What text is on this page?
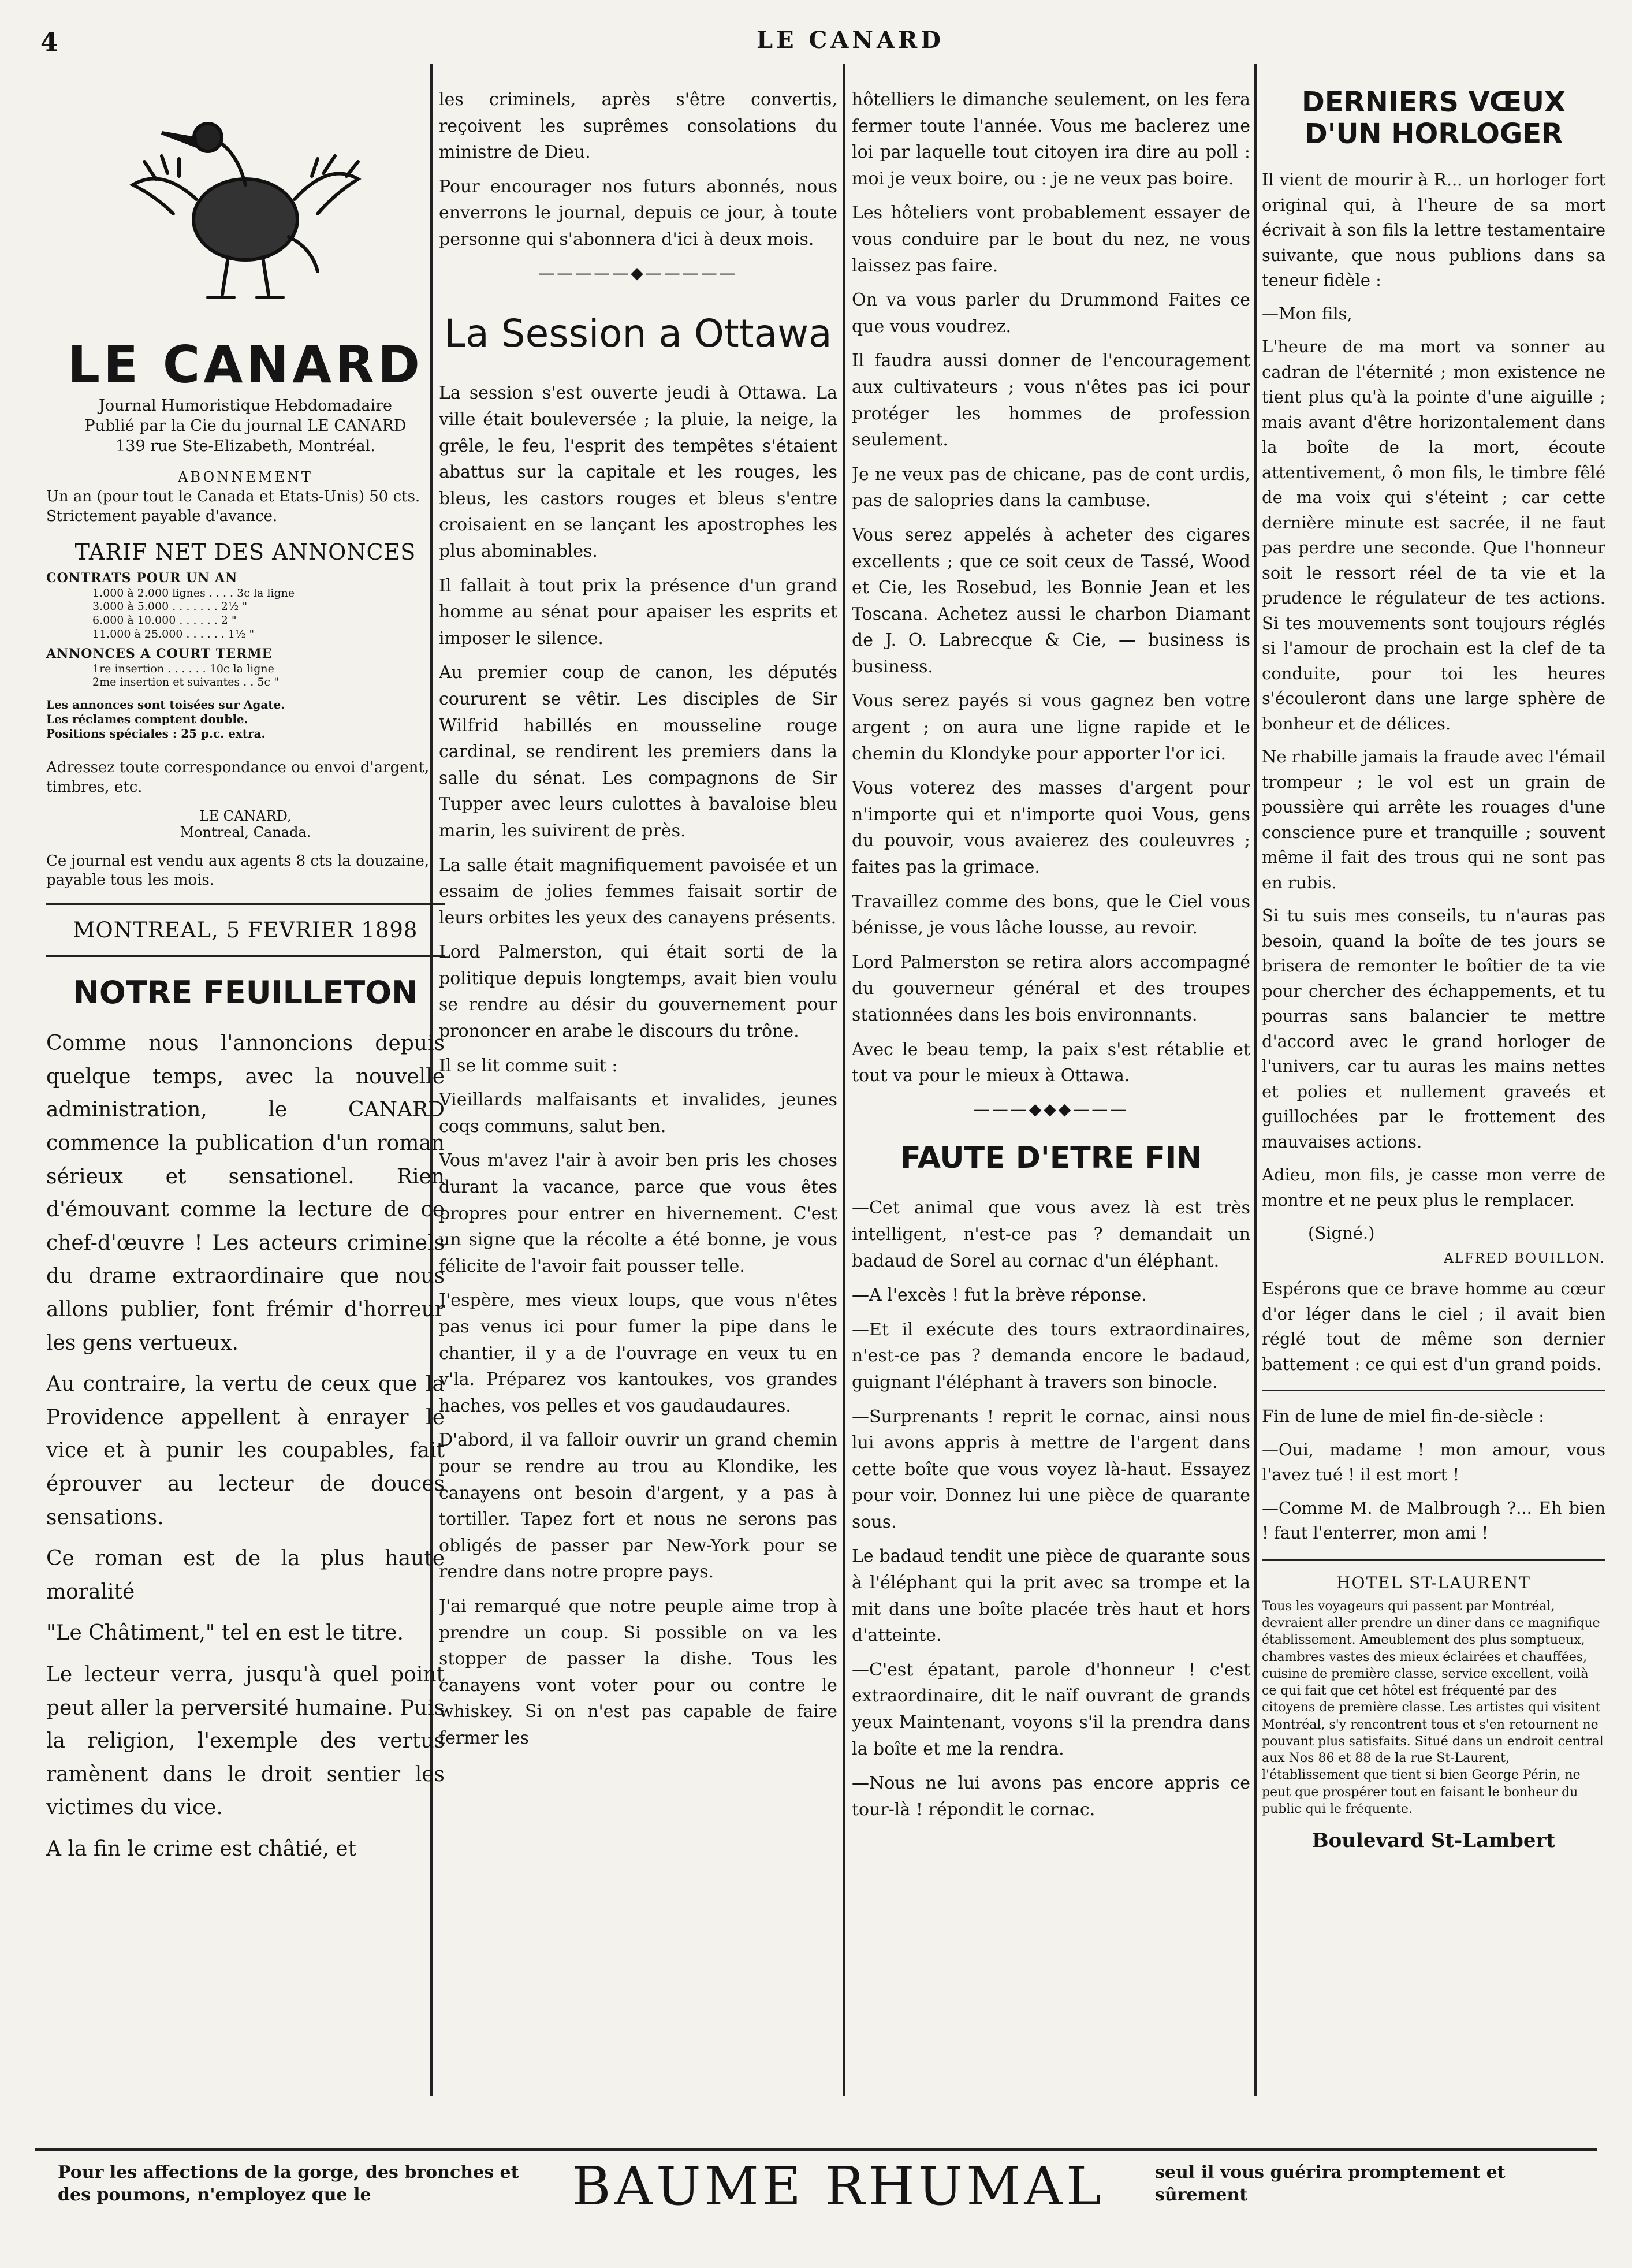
4	LE CANARD
LE CANARD
Journal Humoristique Hebdomadaire
Publié par la Cie du journal LE CANARD
139 rue Ste-Elizabeth, Montréal.
ABONNEMENT
Un an (pour tout le Canada et Etats-Unis) 50 cts. Strictement payable d'avance.
TARIF NET DES ANNONCES
CONTRATS POUR UN AN
1.000 à 2.000 lignes . . . . 3c la ligne
3.000 à 5.000 . . . . . . . 2½ "
6.000 à 10.000 . . . . . . 2 "
11.000 à 25.000 . . . . . . 1½ "
ANNONCES A COURT TERME
1re insertion . . . . . . 10c la ligne
2me insertion et suivantes . . 5c "
Les annonces sont toisées sur Agate.
Les réclames comptent double.
Positions spéciales : 25 p.c. extra.
Adressez toute correspondance ou envoi d'argent, timbres, etc.
LE CANARD,
Montreal, Canada.
Ce journal est vendu aux agents 8 cts la douzaine, payable tous les mois.
MONTREAL, 5 FEVRIER 1898
NOTRE FEUILLETON

Comme nous l'annoncions depuis quelque temps, avec la nouvelle administration, le CANARD commence la publication d'un roman sérieux et sensationel. Rien d'émouvant comme la lecture de ce chef-d'œuvre ! Les acteurs criminels du drame extraordinaire que nous allons publier, font frémir d'horreur les gens vertueux.

Au contraire, la vertu de ceux que la Providence appellent à enrayer le vice et à punir les coupables, fait éprouver au lecteur de douces sensations.

Ce roman est de la plus haute moralité

"Le Châtiment," tel en est le titre.

Le lecteur verra, jusqu'à quel point peut aller la perversité humaine. Puis la religion, l'exemple des vertus ramènent dans le droit sentier les victimes du vice.

A la fin le crime est châtié, et

les criminels, après s'être convertis, reçoivent les suprêmes consolations du ministre de Dieu.

Pour encourager nos futurs abonnés, nous enverrons le journal, depuis ce jour, à toute personne qui s'abonnera d'ici à deux mois.

—————◆—————
La Session a Ottawa

La session s'est ouverte jeudi à Ottawa. La ville était bouleversée ; la pluie, la neige, la grêle, le feu, l'esprit des tempêtes s'étaient abattus sur la capitale et les rouges, les bleus, les castors rouges et bleus s'entre croisaient en se lançant les apostrophes les plus abominables.

Il fallait à tout prix la présence d'un grand homme au sénat pour apaiser les esprits et imposer le silence.

Au premier coup de canon, les députés coururent se vêtir. Les disciples de Sir Wilfrid habillés en mousseline rouge cardinal, se rendirent les premiers dans la salle du sénat. Les compagnons de Sir Tupper avec leurs culottes à bavaloise bleu marin, les suivirent de près.

La salle était magnifiquement pavoisée et un essaim de jolies femmes faisait sortir de leurs orbites les yeux des canayens présents.

Lord Palmerston, qui était sorti de la politique depuis longtemps, avait bien voulu se rendre au désir du gouvernement pour prononcer en arabe le discours du trône.

Il se lit comme suit :

Vieillards malfaisants et invalides, jeunes coqs communs, salut ben.

Vous m'avez l'air à avoir ben pris les choses durant la vacance, parce que vous êtes propres pour entrer en hivernement. C'est un signe que la récolte a été bonne, je vous félicite de l'avoir fait pousser telle.

J'espère, mes vieux loups, que vous n'êtes pas venus ici pour fumer la pipe dans le chantier, il y a de l'ouvrage en veux tu en v'la. Préparez vos kantoukes, vos grandes haches, vos pelles et vos gaudaudaures.

D'abord, il va falloir ouvrir un grand chemin pour se rendre au trou au Klondike, les canayens ont besoin d'argent, y a pas à tortiller. Tapez fort et nous ne serons pas obligés de passer par New-York pour se rendre dans notre propre pays.

J'ai remarqué que notre peuple aime trop à prendre un coup. Si possible on va les stopper de passer la dishe. Tous les canayens vont voter pour ou contre le whiskey. Si on n'est pas capable de faire fermer les

hôtelliers le dimanche seulement, on les fera fermer toute l'année. Vous me baclerez une loi par laquelle tout citoyen ira dire au poll : moi je veux boire, ou : je ne veux pas boire.

Les hôteliers vont probablement essayer de vous conduire par le bout du nez, ne vous laissez pas faire.

On va vous parler du Drummond Faites ce que vous voudrez.

Il faudra aussi donner de l'encouragement aux cultivateurs ; vous n'êtes pas ici pour protéger les hommes de profession seulement.

Je ne veux pas de chicane, pas de cont urdis, pas de salopries dans la cambuse.

Vous serez appelés à acheter des cigares excellents ; que ce soit ceux de Tassé, Wood et Cie, les Rosebud, les Bonnie Jean et les Toscana. Achetez aussi le charbon Diamant de J. O. Labrecque & Cie, — business is business.

Vous serez payés si vous gagnez ben votre argent ; on aura une ligne rapide et le chemin du Klondyke pour apporter l'or ici.

Vous voterez des masses d'argent pour n'importe qui et n'importe quoi Vous, gens du pouvoir, vous avaierez des couleuvres ; faites pas la grimace.

Travaillez comme des bons, que le Ciel vous bénisse, je vous lâche lousse, au revoir.

Lord Palmerston se retira alors accompagné du gouverneur général et des troupes stationnées dans les bois environnants.

Avec le beau temp, la paix s'est rétablie et tout va pour le mieux à Ottawa.

———◆◆◆———
FAUTE D'ETRE FIN

—Cet animal que vous avez là est très intelligent, n'est-ce pas ? demandait un badaud de Sorel au cornac d'un éléphant.

—A l'excès ! fut la brève réponse.

—Et il exécute des tours extraordinaires, n'est-ce pas ? demanda encore le badaud, guignant l'éléphant à travers son binocle.

—Surprenants ! reprit le cornac, ainsi nous lui avons appris à mettre de l'argent dans cette boîte que vous voyez là-haut. Essayez pour voir. Donnez lui une pièce de quarante sous.

Le badaud tendit une pièce de quarante sous à l'éléphant qui la prit avec sa trompe et la mit dans une boîte placée très haut et hors d'atteinte.

—C'est épatant, parole d'honneur ! c'est extraordinaire, dit le naïf ouvrant de grands yeux Maintenant, voyons s'il la prendra dans la boîte et me la rendra.

—Nous ne lui avons pas encore appris ce tour-là ! répondit le cornac.

DERNIERS VŒUX D'UN HORLOGER

Il vient de mourir à R... un horloger fort original qui, à l'heure de sa mort écrivait à son fils la lettre testamentaire suivante, que nous publions dans sa teneur fidèle :

—Mon fils,

L'heure de ma mort va sonner au cadran de l'éternité ; mon existence ne tient plus qu'à la pointe d'une aiguille ; mais avant d'être horizontalement dans la boîte de la mort, écoute attentivement, ô mon fils, le timbre fêlé de ma voix qui s'éteint ; car cette dernière minute est sacrée, il ne faut pas perdre une seconde. Que l'honneur soit le ressort réel de ta vie et la prudence le régulateur de tes actions. Si tes mouvements sont toujours réglés si l'amour de prochain est la clef de ta conduite, pour toi les heures s'écouleront dans une large sphère de bonheur et de délices.

Ne rhabille jamais la fraude avec l'émail trompeur ; le vol est un grain de poussière qui arrête les rouages d'une conscience pure et tranquille ; souvent même il fait des trous qui ne sont pas en rubis.

Si tu suis mes conseils, tu n'auras pas besoin, quand la boîte de tes jours se brisera de remonter le boîtier de ta vie pour chercher des échappements, et tu pourras sans balancier te mettre d'accord avec le grand horloger de l'univers, car tu auras les mains nettes et polies et nullement graveés et guillochées par le frottement des mauvaises actions.

Adieu, mon fils, je casse mon verre de montre et ne peux plus le remplacer.

(Signé.)
ALFRED BOUILLON.

Espérons que ce brave homme au cœur d'or léger dans le ciel ; il avait bien réglé tout de même son dernier battement : ce qui est d'un grand poids.

Fin de lune de miel fin-de-siècle :

—Oui, madame ! mon amour, vous l'avez tué ! il est mort !

—Comme M. de Malbrough ?... Eh bien ! faut l'enterrer, mon ami !

HOTEL ST-LAURENT
Tous les voyageurs qui passent par Montréal, devraient aller prendre un diner dans ce magnifique établissement. Ameublement des plus somptueux, chambres vastes des mieux éclairées et chauffées, cuisine de première classe, service excellent, voilà ce qui fait que cet hôtel est fréquenté par des citoyens de première classe. Les artistes qui visitent Montréal, s'y rencontrent tous et s'en retournent ne pouvant plus satisfaits. Situé dans un endroit central aux Nos 86 et 88 de la rue St-Laurent, l'établissement que tient si bien George Périn, ne peut que prospérer tout en faisant le bonheur du public qui le fréquente.
Boulevard St-Lambert
Pour les affections de la gorge, des bronches et des poumons, n'employez que le	BAUME RHUMAL	seul il vous guérira promptement et sûrement
